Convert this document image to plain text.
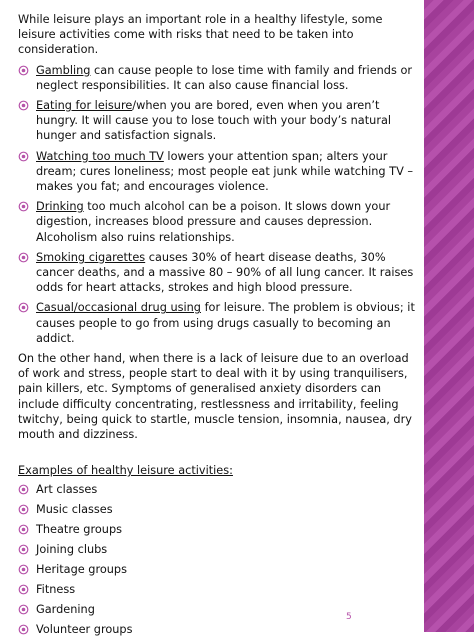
While leisure plays an important role in a healthy lifestyle, some leisure activities come with risks that need to be taken into consideration.

Gambling can cause people to lose time with family and friends or neglect responsibilities. It can also cause financial loss.
Eating for leisure/when you are bored, even when you aren’t hungry. It will cause you to lose touch with your body’s natural hunger and satisfaction signals.
Watching too much TV lowers your attention span; alters your dream; cures loneliness; most people eat junk while watching TV – makes you fat; and encourages violence.
Drinking too much alcohol can be a poison. It slows down your digestion, increases blood pressure and causes depression. Alcoholism also ruins relationships.
Smoking cigarettes causes 30% of heart disease deaths, 30% cancer deaths, and a massive 80 – 90% of all lung cancer. It raises odds for heart attacks, strokes and high blood pressure.
Casual/occasional drug using for leisure. The problem is obvious; it causes people to go from using drugs casually to becoming an addict.

On the other hand, when there is a lack of leisure due to an overload of work and stress, people start to deal with it by using tranquilisers, pain killers, etc. Symptoms of generalised anxiety disorders can include difficulty concentrating, restlessness and irritability, feeling twitchy, being quick to startle, muscle tension, insomnia, nausea, dry mouth and dizziness.

Examples of healthy leisure activities:

Art classes
Music classes
Theatre groups
Joining clubs
Heritage groups
Fitness
Gardening
Volunteer groups
5
